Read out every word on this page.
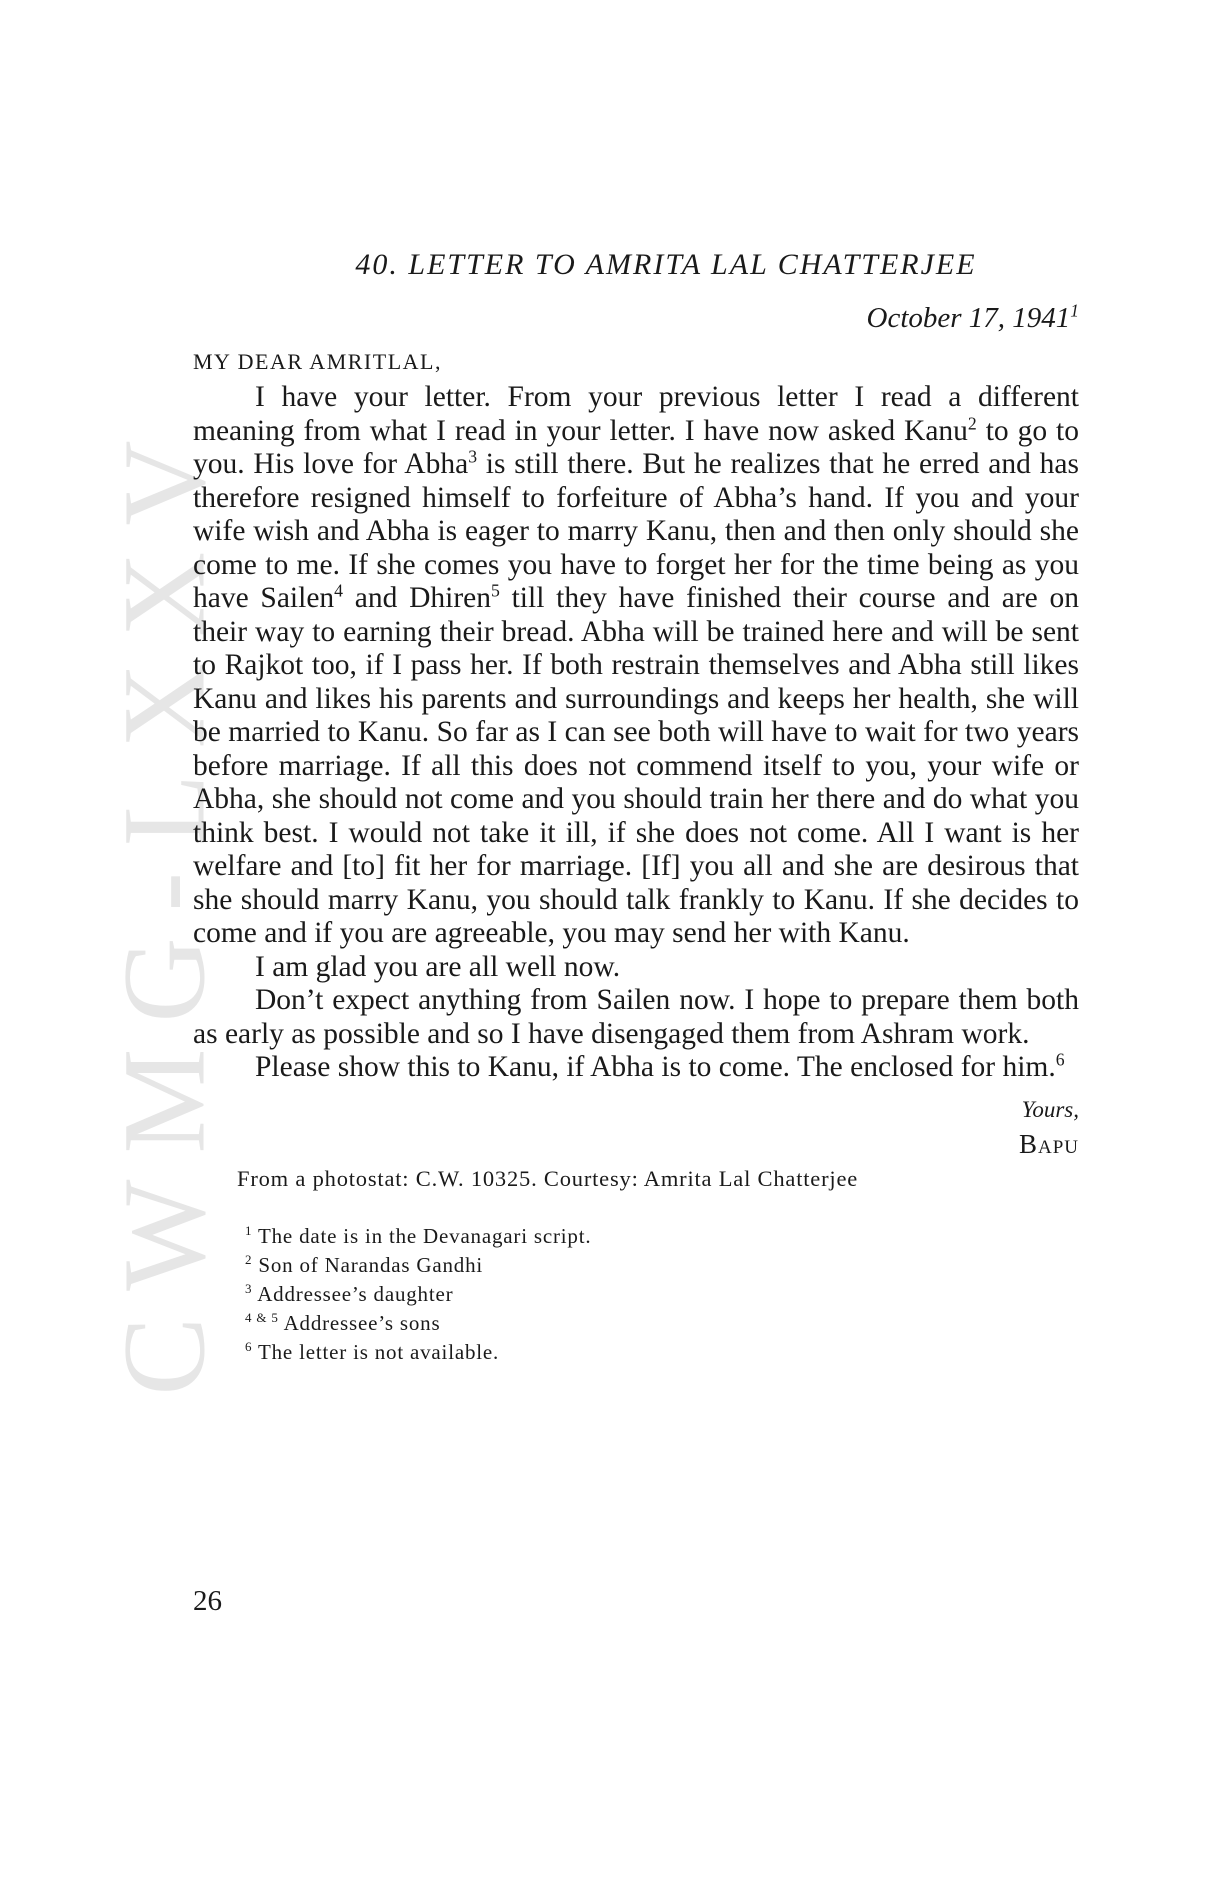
CWMG-LXXV
40. LETTER TO AMRITA LAL CHATTERJEE
October 17, 1941$^1$
MY DEAR AMRITLAL,

I have your letter. From your previous letter I read a different meaning from what I read in your letter. I have now asked Kanu$^2$ to go to you. His love for Abha$^3$ is still there. But he realizes that he erred and has therefore resigned himself to forfeiture of Abha’s hand. If you and your wife wish and Abha is eager to marry Kanu, then and then only should she come to me. If she comes you have to forget her for the time being as you have Sailen$^4$ and Dhiren$^5$ till they have finished their course and are on their way to earning their bread. Abha will be trained here and will be sent to Rajkot too, if I pass her. If both restrain themselves and Abha still likes Kanu and likes his parents and surroundings and keeps her health, she will be married to Kanu. So far as I can see both will have to wait for two years before marriage. If all this does not commend itself to you, your wife or Abha, she should not come and you should train her there and do what you think best. I would not take it ill, if she does not come. All I want is her welfare and [to] fit her for marriage. [If] you all and she are desirous that she should marry Kanu, you should talk frankly to Kanu. If she decides to come and if you are agreeable, you may send her with Kanu.

I am glad you are all well now.

Don’t expect anything from Sailen now. I hope to prepare them both as early as possible and so I have disengaged them from Ashram work.

Please show this to Kanu, if Abha is to come. The enclosed for him.$^6$

Yours,
Bapu
From a photostat: C.W. 10325. Courtesy: Amrita Lal Chatterjee
$^1$ The date is in the Devanagari script.
$^2$ Son of Narandas Gandhi
$^3$ Addressee’s daughter
$^{4 \& 5}$ Addressee’s sons
$^6$ The letter is not available.
26
